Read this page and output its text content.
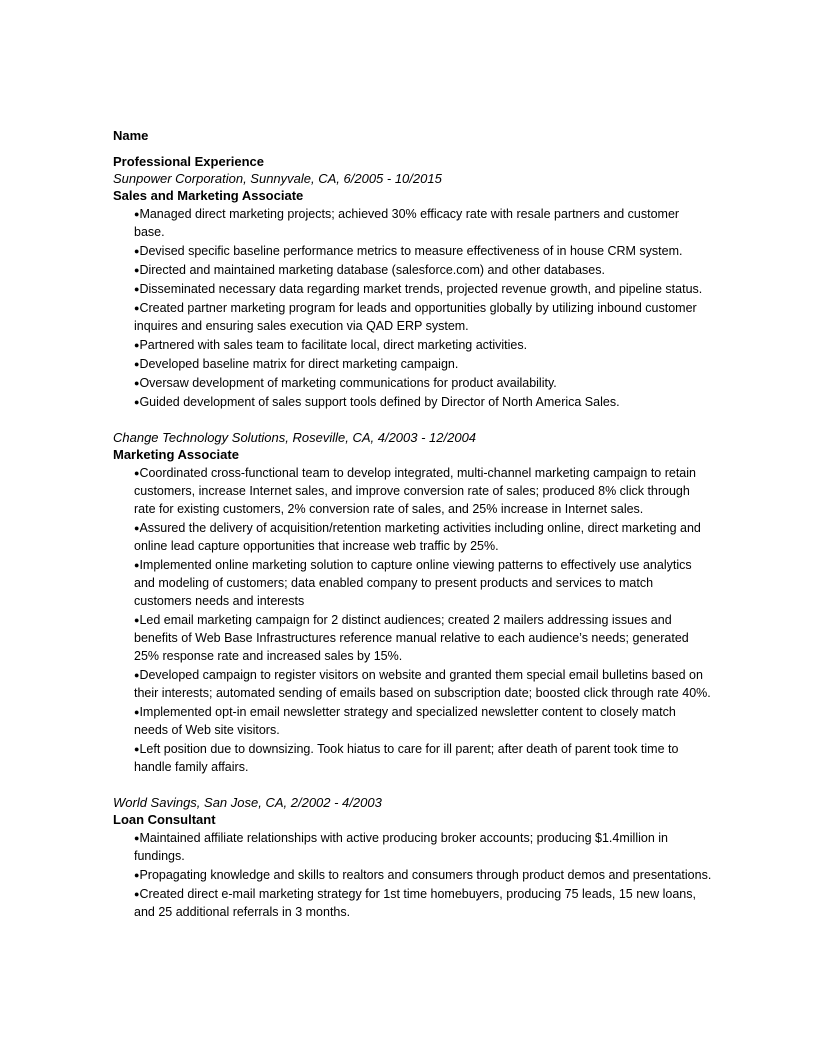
Name
Professional Experience
Sunpower Corporation, Sunnyvale, CA, 6/2005 - 10/2015
Sales and Marketing Associate
●Managed direct marketing projects; achieved 30% efficacy rate with resale partners and customer base.
●Devised specific baseline performance metrics to measure effectiveness of in house CRM system.
●Directed and maintained marketing database (salesforce.com) and other databases.
●Disseminated necessary data regarding market trends, projected revenue growth, and pipeline status.
●Created partner marketing program for leads and opportunities globally by utilizing inbound customer inquires and ensuring sales execution via QAD ERP system.
●Partnered with sales team to facilitate local, direct marketing activities.
●Developed baseline matrix for direct marketing campaign.
●Oversaw development of marketing communications for product availability.
●Guided development of sales support tools defined by Director of North America Sales.
Change Technology Solutions, Roseville, CA, 4/2003 - 12/2004
Marketing Associate
●Coordinated cross-functional team to develop integrated, multi-channel marketing campaign to retain customers, increase Internet sales, and improve conversion rate of sales; produced 8% click through rate for existing customers, 2% conversion rate of sales, and 25% increase in Internet sales.
●Assured the delivery of acquisition/retention marketing activities including online, direct marketing and online lead capture opportunities that increase web traffic by 25%.
●Implemented online marketing solution to capture online viewing patterns to effectively use analytics and modeling of customers; data enabled company to present products and services to match customers needs and interests
●Led email marketing campaign for 2 distinct audiences; created 2 mailers addressing issues and benefits of Web Base Infrastructures reference manual relative to each audience’s needs; generated 25% response rate and increased sales by 15%.
●Developed campaign to register visitors on website and granted them special email bulletins based on their interests; automated sending of emails based on subscription date; boosted click through rate 40%.
●Implemented opt-in email newsletter strategy and specialized newsletter content to closely match needs of Web site visitors.
●Left position due to downsizing. Took hiatus to care for ill parent; after death of parent took time to handle family affairs.
World Savings, San Jose, CA, 2/2002 - 4/2003
Loan Consultant
●Maintained affiliate relationships with active producing broker accounts; producing $1.4million in fundings.
●Propagating knowledge and skills to realtors and consumers through product demos and presentations.
●Created direct e-mail marketing strategy for 1st time homebuyers, producing 75 leads, 15 new loans, and 25 additional referrals in 3 months.
